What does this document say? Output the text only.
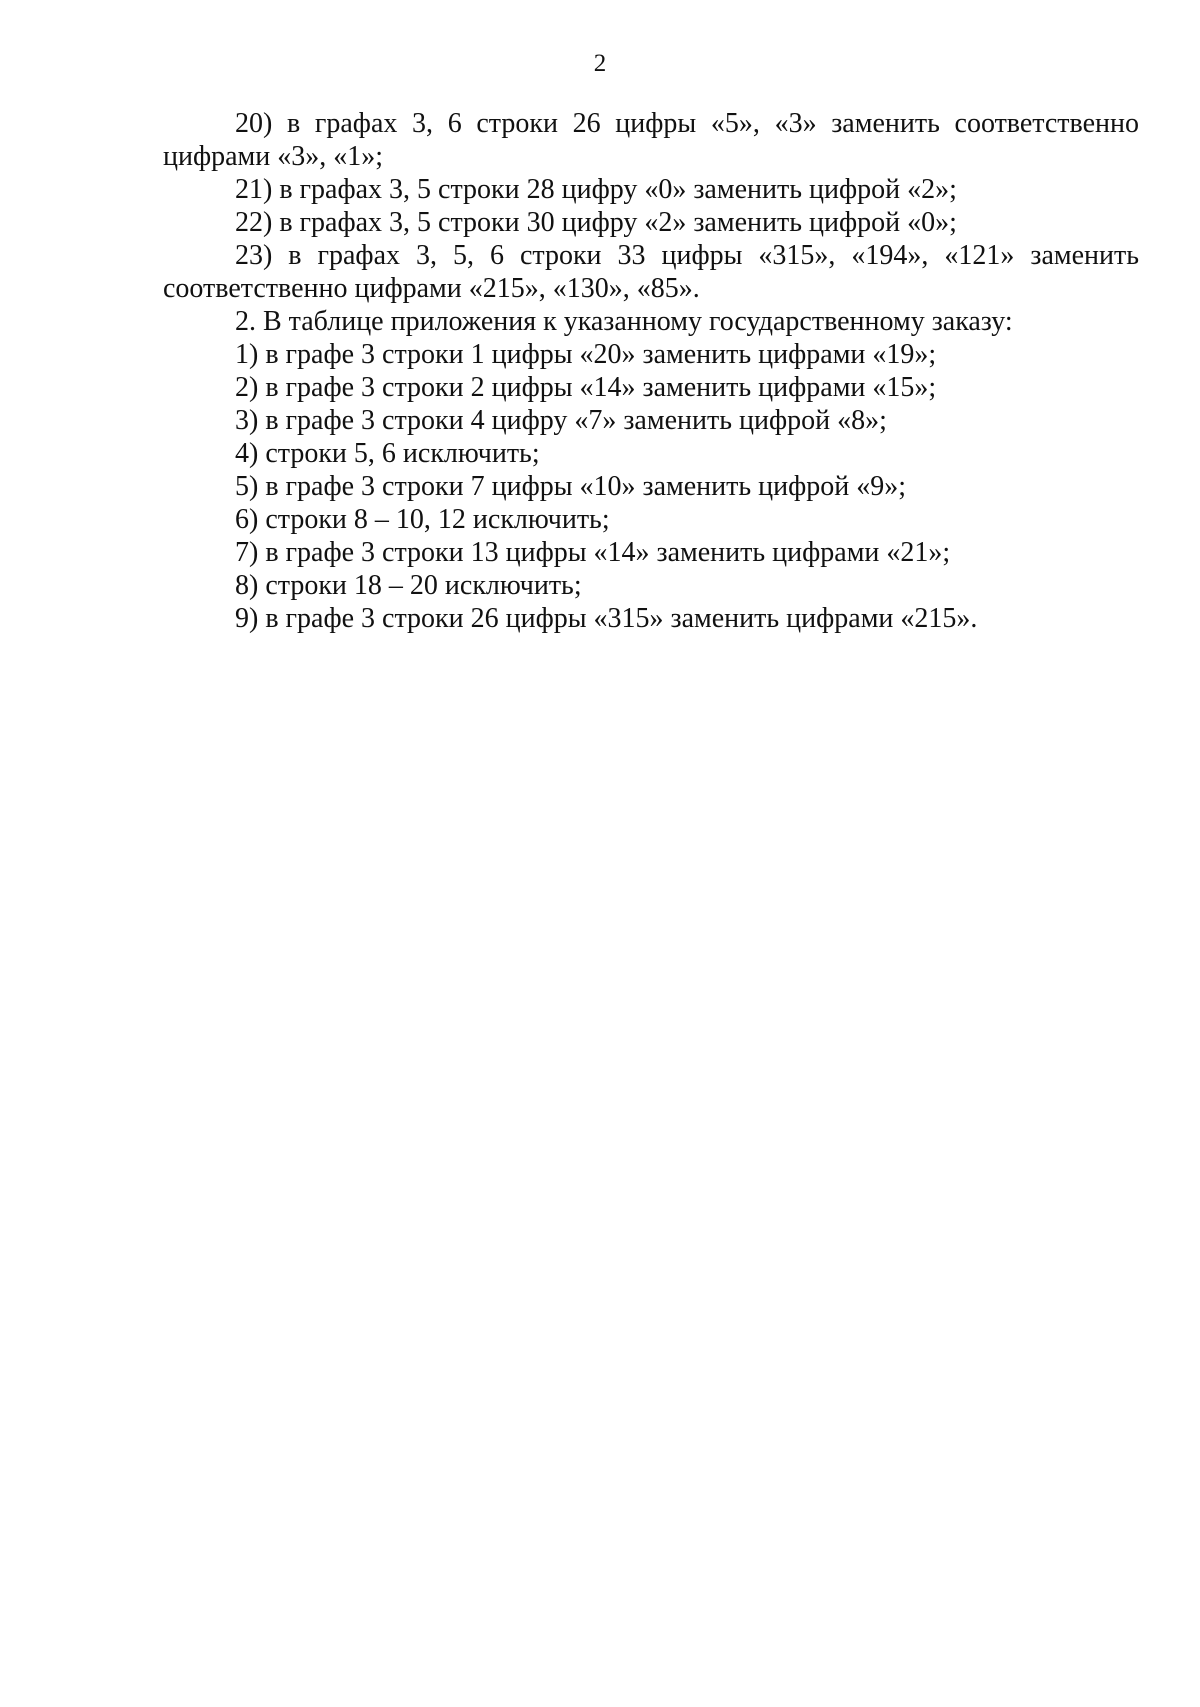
2

20) в графах 3, 6 строки 26 цифры «5», «3» заменить соответственно цифрами «3», «1»;

21) в графах 3, 5 строки 28 цифру «0» заменить цифрой «2»;

22) в графах 3, 5 строки 30 цифру «2» заменить цифрой «0»;

23) в графах 3, 5, 6 строки 33 цифры «315», «194», «121» заменить соответственно цифрами «215», «130», «85».

2. В таблице приложения к указанному государственному заказу:

1) в графе 3 строки 1 цифры «20» заменить цифрами «19»;

2) в графе 3 строки 2 цифры «14» заменить цифрами «15»;

3) в графе 3 строки 4 цифру «7» заменить цифрой «8»;

4) строки 5, 6 исключить;

5) в графе 3 строки 7 цифры «10» заменить цифрой «9»;

6) строки 8 – 10, 12 исключить;

7) в графе 3 строки 13 цифры «14» заменить цифрами «21»;

8) строки 18 – 20 исключить;

9) в графе 3 строки 26 цифры «315» заменить цифрами «215».
